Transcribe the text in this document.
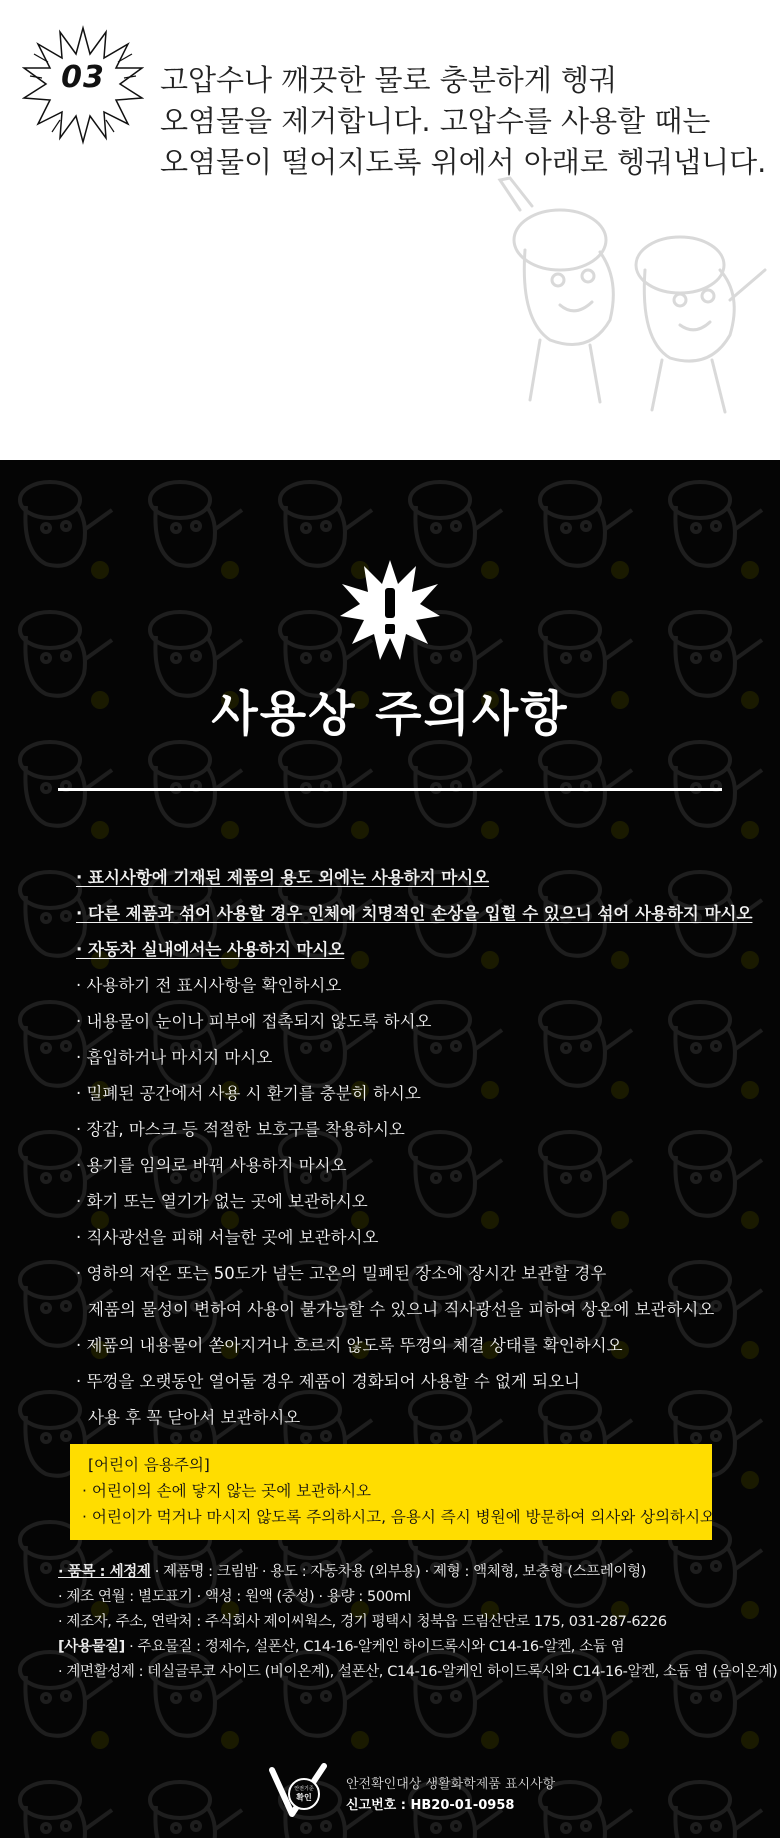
03	고압수나 깨끗한 물로 충분하게 헹궈
오염물을 제거합니다. 고압수를 사용할 때는
오염물이 떨어지도록 위에서 아래로 헹궈냅니다.
사용상 주의사항
· 표시사항에 기재된 제품의 용도 외에는 사용하지 마시오
· 다른 제품과 섞어 사용할 경우 인체에 치명적인 손상을 입힐 수 있으니 섞어 사용하지 마시오
· 자동차 실내에서는 사용하지 마시오
· 사용하기 전 표시사항을 확인하시오
· 내용물이 눈이나 피부에 접촉되지 않도록 하시오
· 흡입하거나 마시지 마시오
· 밀폐된 공간에서 사용 시 환기를 충분히 하시오
· 장갑, 마스크 등 적절한 보호구를 착용하시오
· 용기를 임의로 바꿔 사용하지 마시오
· 화기 또는 열기가 없는 곳에 보관하시오
· 직사광선을 피해 서늘한 곳에 보관하시오
· 영하의 저온 또는 50도가 넘는 고온의 밀폐된 장소에 장시간 보관할 경우
제품의 물성이 변하여 사용이 불가능할 수 있으니 직사광선을 피하여 상온에 보관하시오
· 제품의 내용물이 쏟아지거나 흐르지 않도록 뚜껑의 체결 상태를 확인하시오
· 뚜껑을 오랫동안 열어둘 경우 제품이 경화되어 사용할 수 없게 되오니
사용 후 꼭 닫아서 보관하시오
[어린이 음용주의]
· 어린이의 손에 닿지 않는 곳에 보관하시오
· 어린이가 먹거나 마시지 않도록 주의하시고, 음용시 즉시 병원에 방문하여 의사와 상의하시오
· 품목 : 세정제 · 제품명 : 크림밤 · 용도 : 자동차용 (외부용) · 제형 : 액체형, 보충형 (스프레이형)
· 제조 연월 : 별도표기 · 액성 : 원액 (중성) · 용량 : 500ml
· 제조자, 주소, 연락처 : 주식회사 제이씨웍스, 경기 평택시 청북읍 드림산단로 175, 031-287-6226
[사용물질] · 주요물질 : 정제수, 설폰산, C14-16-알케인 하이드록시와 C14-16-알켄, 소듐 염
· 계면활성제 : 데실글루코 사이드 (비이온계), 설폰산, C14-16-알케인 하이드록시와 C14-16-알켄, 소듐 염 (음이온계)
안전기준
확인
안전확인대상 생활화학제품 표시사항
신고번호 : HB20-01-0958
